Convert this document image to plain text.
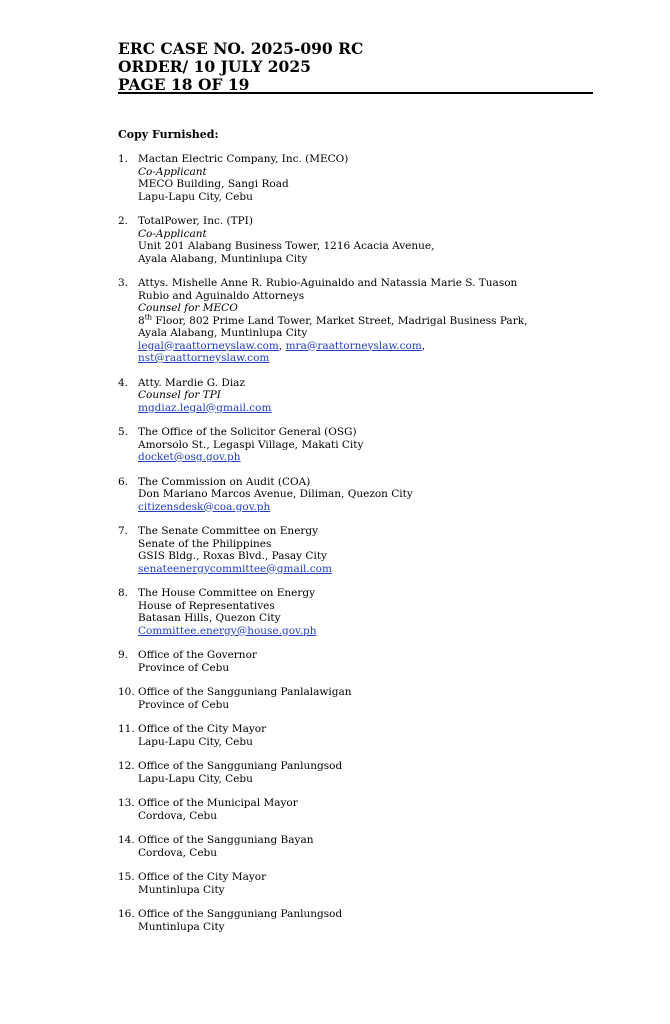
ERC CASE NO. 2025-090 RC
ORDER/ 10 JULY 2025
PAGE 18 OF 19
Copy Furnished:
1. Mactan Electric Company, Inc. (MECO)
Co-Applicant
MECO Building, Sangi Road
Lapu-Lapu City, Cebu
2. TotalPower, Inc. (TPI)
Co-Applicant
Unit 201 Alabang Business Tower, 1216 Acacia Avenue,
Ayala Alabang, Muntinlupa City
3. Attys. Mishelle Anne R. Rubio-Aguinaldo and Natassia Marie S. Tuason
Rubio and Aguinaldo Attorneys
Counsel for MECO
8th Floor, 802 Prime Land Tower, Market Street, Madrigal Business Park,
Ayala Alabang, Muntinlupa City
legal@raattorneyslaw.com, mra@raattorneyslaw.com,
nst@raattorneyslaw.com
4. Atty. Mardie G. Diaz
Counsel for TPI
mgdiaz.legal@gmail.com
5. The Office of the Solicitor General (OSG)
Amorsolo St., Legaspi Village, Makati City
docket@osg.gov.ph
6. The Commission on Audit (COA)
Don Mariano Marcos Avenue, Diliman, Quezon City
citizensdesk@coa.gov.ph
7. The Senate Committee on Energy
Senate of the Philippines
GSIS Bldg., Roxas Blvd., Pasay City
senateenergycommittee@gmail.com
8. The House Committee on Energy
House of Representatives
Batasan Hills, Quezon City
Committee.energy@house.gov.ph
9. Office of the Governor
Province of Cebu
10. Office of the Sangguniang Panlalawigan
Province of Cebu
11. Office of the City Mayor
Lapu-Lapu City, Cebu
12. Office of the Sangguniang Panlungsod
Lapu-Lapu City, Cebu
13. Office of the Municipal Mayor
Cordova, Cebu
14. Office of the Sangguniang Bayan
Cordova, Cebu
15. Office of the City Mayor
Muntinlupa City
16. Office of the Sangguniang Panlungsod
Muntinlupa City
